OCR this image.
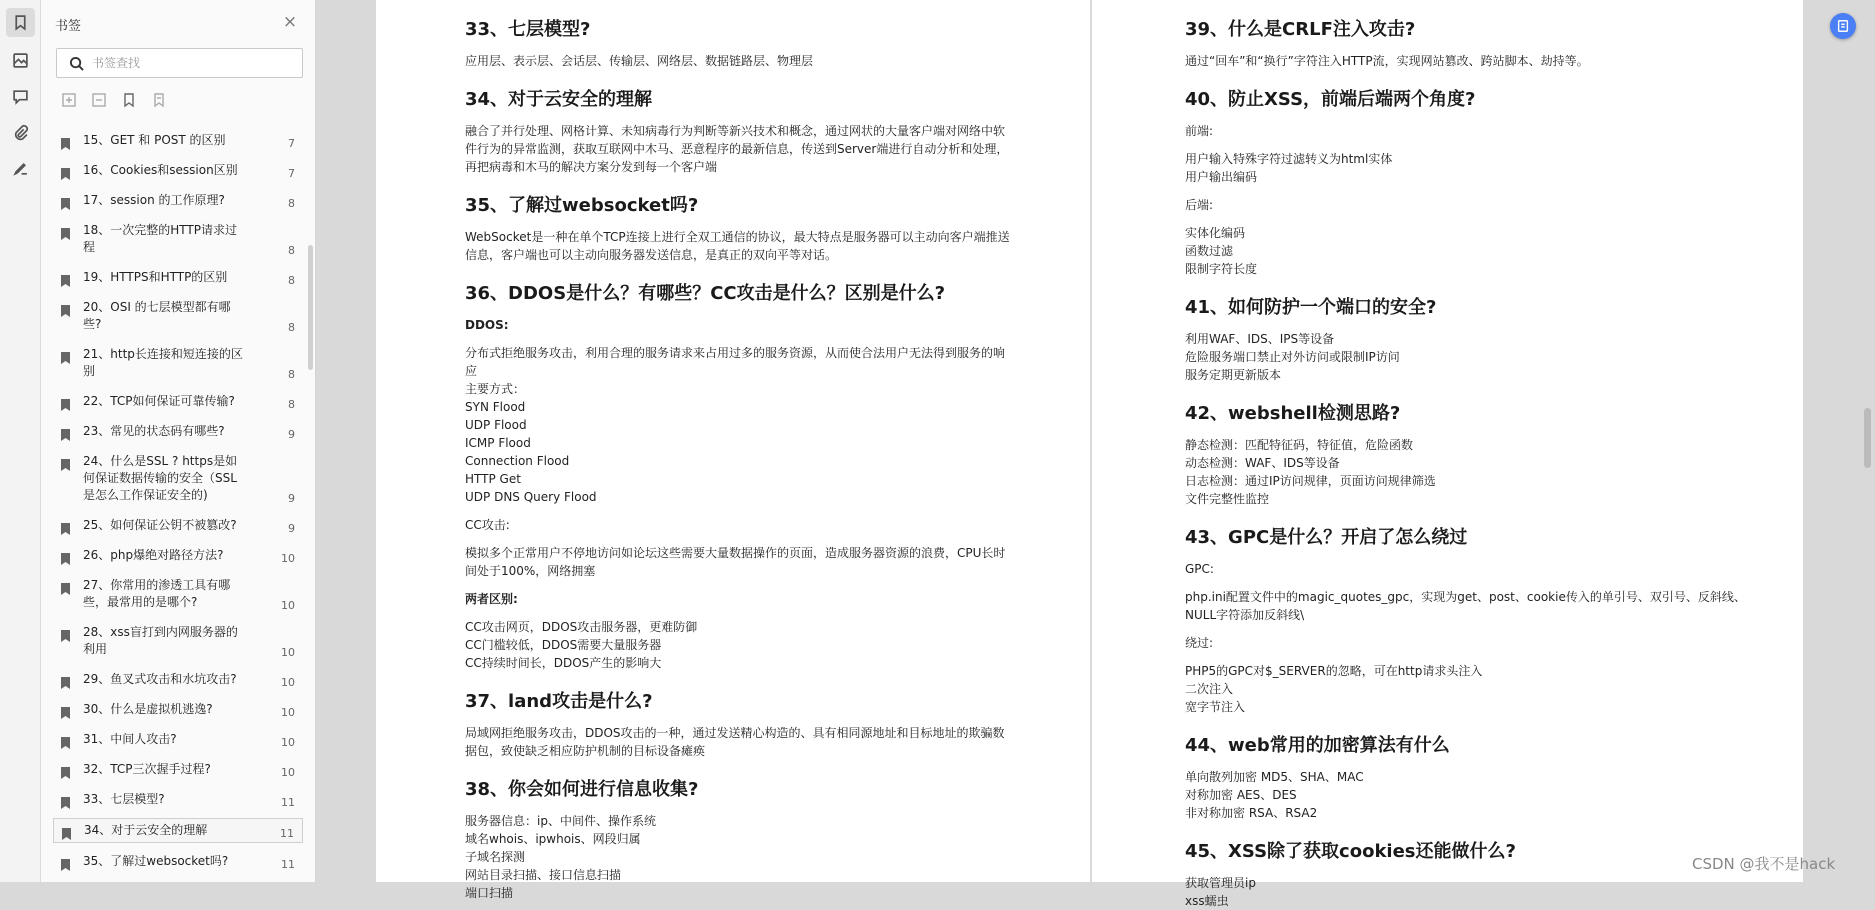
书签	×
书签查找
15、GET 和 POST 的区别	7
16、Cookies和session区别	7
17、session 的工作原理?	8
18、一次完整的HTTP请求过程	8
19、HTTPS和HTTP的区别	8
20、OSI 的七层模型都有哪些?	8
21、http长连接和短连接的区别	8
22、TCP如何保证可靠传输?	8
23、常见的状态码有哪些?	9
24、什么是SSL ? https是如何保证数据传输的安全（SSL是怎么工作保证安全的)	9
25、如何保证公钥不被篡改?	9
26、php爆绝对路径方法?	10
27、你常用的渗透工具有哪些，最常用的是哪个?	10
28、xss盲打到内网服务器的利用	10
29、鱼叉式攻击和水坑攻击?	10
30、什么是虚拟机逃逸?	10
31、中间人攻击?	10
32、TCP三次握手过程?	10
33、七层模型?	11
34、对于云安全的理解	11
35、了解过websocket吗?	11
33、七层模型?
应用层、表示层、会话层、传输层、网络层、数据链路层、物理层
34、对于云安全的理解
融合了并行处理、网格计算、未知病毒行为判断等新兴技术和概念，通过网状的大量客户端对网络中软
件行为的异常监测，获取互联网中木马、恶意程序的最新信息，传送到Server端进行自动分析和处理，
再把病毒和木马的解决方案分发到每一个客户端
35、了解过websocket吗?
WebSocket是一种在单个TCP连接上进行全双工通信的协议，最大特点是服务器可以主动向客户端推送
信息，客户端也可以主动向服务器发送信息，是真正的双向平等对话。
36、DDOS是什么？有哪些？CC攻击是什么？区别是什么?
DDOS:
分布式拒绝服务攻击，利用合理的服务请求来占用过多的服务资源，从而使合法用户无法得到服务的响
应
主要方式：
SYN Flood
UDP Flood
ICMP Flood
Connection Flood
HTTP Get
UDP DNS Query Flood
CC攻击:
模拟多个正常用户不停地访问如论坛这些需要大量数据操作的页面，造成服务器资源的浪费，CPU长时
间处于100%，网络拥塞
两者区别:
CC攻击网页，DDOS攻击服务器，更难防御
CC门槛较低，DDOS需要大量服务器
CC持续时间长，DDOS产生的影响大
37、land攻击是什么?
局域网拒绝服务攻击，DDOS攻击的一种，通过发送精心构造的、具有相同源地址和目标地址的欺骗数
据包，致使缺乏相应防护机制的目标设备瘫痪
38、你会如何进行信息收集?
服务器信息：ip、中间件、操作系统
域名whois、ipwhois、网段归属
子域名探测
网站目录扫描、接口信息扫描
端口扫描
39、什么是CRLF注入攻击?
通过“回车”和“换行”字符注入HTTP流，实现网站篡改、跨站脚本、劫持等。
40、防止XSS，前端后端两个角度?
前端:
用户输入特殊字符过滤转义为html实体
用户输出编码
后端:
实体化编码
函数过滤
限制字符长度
41、如何防护一个端口的安全?
利用WAF、IDS、IPS等设备
危险服务端口禁止对外访问或限制IP访问
服务定期更新版本
42、webshell检测思路?
静态检测：匹配特征码，特征值，危险函数
动态检测：WAF、IDS等设备
日志检测：通过IP访问规律，页面访问规律筛选
文件完整性监控
43、GPC是什么？开启了怎么绕过
GPC:
php.ini配置文件中的magic_quotes_gpc，实现为get、post、cookie传入的单引号、双引号、反斜线、
NULL字符添加反斜线\
绕过:
PHP5的GPC对$_SERVER的忽略，可在http请求头注入
二次注入
宽字节注入
44、web常用的加密算法有什么
单向散列加密 MD5、SHA、MAC
对称加密 AES、DES
非对称加密 RSA、RSA2
45、XSS除了获取cookies还能做什么?
获取管理员ip
xss蠕虫
CSDN @我不是hack
